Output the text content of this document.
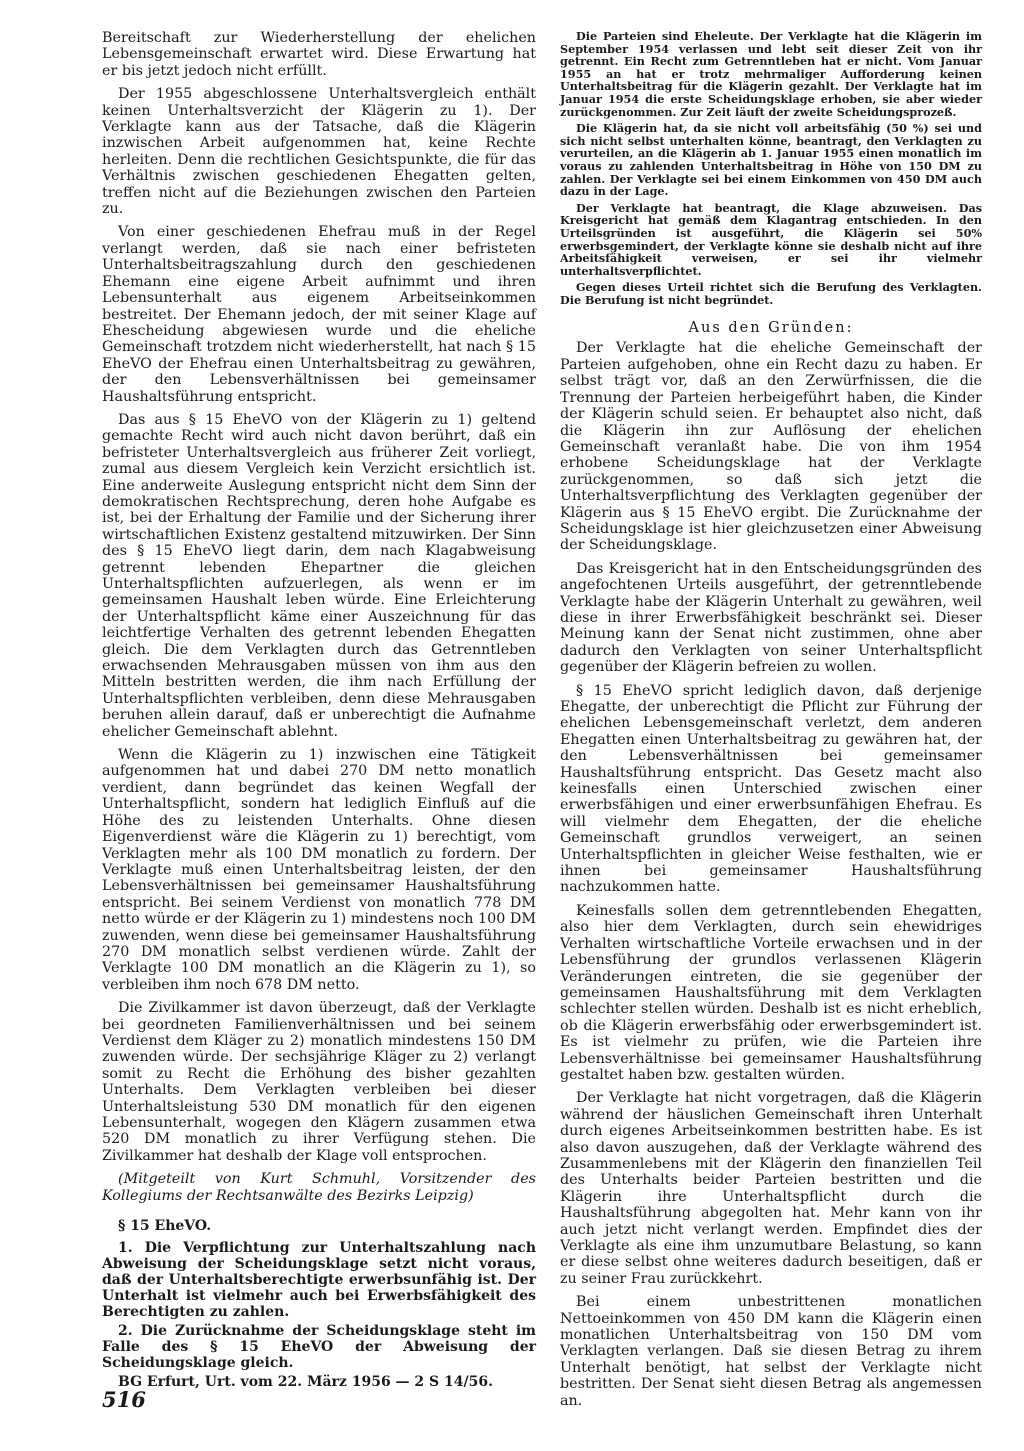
Bereitschaft zur Wiederherstellung der ehelichen Lebensgemeinschaft erwartet wird. Diese Erwartung hat er bis jetzt jedoch nicht erfüllt.

Der 1955 abgeschlossene Unterhaltsvergleich enthält keinen Unterhaltsverzicht der Klägerin zu 1). Der Verklagte kann aus der Tatsache, daß die Klägerin inzwischen Arbeit aufgenommen hat, keine Rechte herleiten. Denn die rechtlichen Gesichtspunkte, die für das Verhältnis zwischen geschiedenen Ehegatten gelten, treffen nicht auf die Beziehungen zwischen den Parteien zu.

Von einer geschiedenen Ehefrau muß in der Regel verlangt werden, daß sie nach einer befristeten Unterhaltsbeitragszahlung durch den geschiedenen Ehemann eine eigene Arbeit aufnimmt und ihren Lebensunterhalt aus eigenem Arbeitseinkommen bestreitet. Der Ehemann jedoch, der mit seiner Klage auf Ehescheidung abgewiesen wurde und die eheliche Gemeinschaft trotzdem nicht wiederherstellt, hat nach § 15 EheVO der Ehefrau einen Unterhaltsbeitrag zu gewähren, der den Lebensverhältnissen bei gemeinsamer Haushaltsführung entspricht.

Das aus § 15 EheVO von der Klägerin zu 1) geltend gemachte Recht wird auch nicht davon berührt, daß ein befristeter Unterhaltsvergleich aus früherer Zeit vorliegt, zumal aus diesem Vergleich kein Verzicht ersichtlich ist. Eine anderweite Auslegung entspricht nicht dem Sinn der demokratischen Rechtsprechung, deren hohe Aufgabe es ist, bei der Erhaltung der Familie und der Sicherung ihrer wirtschaftlichen Existenz gestaltend mitzuwirken. Der Sinn des § 15 EheVO liegt darin, dem nach Klagabweisung getrennt lebenden Ehepartner die gleichen Unterhaltspflichten aufzuerlegen, als wenn er im gemeinsamen Haushalt leben würde. Eine Erleichterung der Unterhaltspflicht käme einer Auszeichnung für das leichtfertige Verhalten des getrennt lebenden Ehegatten gleich. Die dem Verklagten durch das Getrenntleben erwachsenden Mehrausgaben müssen von ihm aus den Mitteln bestritten werden, die ihm nach Erfüllung der Unterhaltspflichten verbleiben, denn diese Mehrausgaben beruhen allein darauf, daß er unberechtigt die Aufnahme ehelicher Gemeinschaft ablehnt.

Wenn die Klägerin zu 1) inzwischen eine Tätigkeit aufgenommen hat und dabei 270 DM netto monatlich verdient, dann begründet das keinen Wegfall der Unterhaltspflicht, sondern hat lediglich Einfluß auf die Höhe des zu leistenden Unterhalts. Ohne diesen Eigenverdienst wäre die Klägerin zu 1) berechtigt, vom Verklagten mehr als 100 DM monatlich zu fordern. Der Verklagte muß einen Unterhaltsbeitrag leisten, der den Lebensverhältnissen bei gemeinsamer Haushaltsführung entspricht. Bei seinem Verdienst von monatlich 778 DM netto würde er der Klägerin zu 1) mindestens noch 100 DM zuwenden, wenn diese bei gemeinsamer Haushaltsführung 270 DM monatlich selbst verdienen würde. Zahlt der Verklagte 100 DM monatlich an die Klägerin zu 1), so verbleiben ihm noch 678 DM netto.

Die Zivilkammer ist davon überzeugt, daß der Verklagte bei geordneten Familienverhältnissen und bei seinem Verdienst dem Kläger zu 2) monatlich mindestens 150 DM zuwenden würde. Der sechsjährige Kläger zu 2) verlangt somit zu Recht die Erhöhung des bisher gezahlten Unterhalts. Dem Verklagten verbleiben bei dieser Unterhaltsleistung 530 DM monatlich für den eigenen Lebensunterhalt, wogegen den Klägern zusammen etwa 520 DM monatlich zu ihrer Verfügung stehen. Die Zivilkammer hat deshalb der Klage voll entsprochen.

(Mitgeteilt von Kurt Schmuhl, Vorsitzender des Kollegiums der Rechtsanwälte des Bezirks Leipzig)

§ 15 EheVO.

1. Die Verpflichtung zur Unterhaltszahlung nach Abweisung der Scheidungsklage setzt nicht voraus, daß der Unterhaltsberechtigte erwerbsunfähig ist. Der Unterhalt ist vielmehr auch bei Erwerbsfähigkeit des Berechtigten zu zahlen.

2. Die Zurücknahme der Scheidungsklage steht im Falle des § 15 EheVO der Abweisung der Scheidungsklage gleich.

BG Erfurt, Urt. vom 22. März 1956 — 2 S 14/56.

Die Parteien sind Eheleute. Der Verklagte hat die Klägerin im September 1954 verlassen und lebt seit dieser Zeit von ihr getrennt. Ein Recht zum Getrenntleben hat er nicht. Vom Januar 1955 an hat er trotz mehrmaliger Aufforderung keinen Unterhaltsbeitrag für die Klägerin gezahlt. Der Verklagte hat im Januar 1954 die erste Scheidungsklage erhoben, sie aber wieder zurückgenommen. Zur Zeit läuft der zweite Scheidungsprozeß.

Die Klägerin hat, da sie nicht voll arbeitsfähig (50 %) sei und sich nicht selbst unterhalten könne, beantragt, den Verklagten zu verurteilen, an die Klägerin ab 1. Januar 1955 einen monatlich im voraus zu zahlenden Unterhaltsbeitrag in Höhe von 150 DM zu zahlen. Der Verklagte sei bei einem Einkommen von 450 DM auch dazu in der Lage.

Der Verklagte hat beantragt, die Klage abzuweisen. Das Kreisgericht hat gemäß dem Klagantrag entschieden. In den Urteilsgründen ist ausgeführt, die Klägerin sei 50% erwerbsgemindert, der Verklagte könne sie deshalb nicht auf ihre Arbeitsfähigkeit verweisen, er sei ihr vielmehr unterhaltsverpflichtet.

Gegen dieses Urteil richtet sich die Berufung des Verklagten. Die Berufung ist nicht begründet.

Aus den Gründen:

Der Verklagte hat die eheliche Gemeinschaft der Parteien aufgehoben, ohne ein Recht dazu zu haben. Er selbst trägt vor, daß an den Zerwürfnissen, die die Trennung der Parteien herbeigeführt haben, die Kinder der Klägerin schuld seien. Er behauptet also nicht, daß die Klägerin ihn zur Auflösung der ehelichen Gemeinschaft veranlaßt habe. Die von ihm 1954 erhobene Scheidungsklage hat der Verklagte zurückgenommen, so daß sich jetzt die Unterhaltsverpflichtung des Verklagten gegenüber der Klägerin aus § 15 EheVO ergibt. Die Zurücknahme der Scheidungsklage ist hier gleichzusetzen einer Abweisung der Scheidungsklage.

Das Kreisgericht hat in den Entscheidungsgründen des angefochtenen Urteils ausgeführt, der getrenntlebende Verklagte habe der Klägerin Unterhalt zu gewähren, weil diese in ihrer Erwerbsfähigkeit beschränkt sei. Dieser Meinung kann der Senat nicht zustimmen, ohne aber dadurch den Verklagten von seiner Unterhaltspflicht gegenüber der Klägerin befreien zu wollen.

§ 15 EheVO spricht lediglich davon, daß derjenige Ehegatte, der unberechtigt die Pflicht zur Führung der ehelichen Lebensgemeinschaft verletzt, dem anderen Ehegatten einen Unterhaltsbeitrag zu gewähren hat, der den Lebensverhältnissen bei gemeinsamer Haushaltsführung entspricht. Das Gesetz macht also keinesfalls einen Unterschied zwischen einer erwerbsfähigen und einer erwerbsunfähigen Ehefrau. Es will vielmehr dem Ehegatten, der die eheliche Gemeinschaft grundlos verweigert, an seinen Unterhaltspflichten in gleicher Weise festhalten, wie er ihnen bei gemeinsamer Haushaltsführung nachzukommen hatte.

Keinesfalls sollen dem getrenntlebenden Ehegatten, also hier dem Verklagten, durch sein ehewidriges Verhalten wirtschaftliche Vorteile erwachsen und in der Lebensführung der grundlos verlassenen Klägerin Veränderungen eintreten, die sie gegenüber der gemeinsamen Haushaltsführung mit dem Verklagten schlechter stellen würden. Deshalb ist es nicht erheblich, ob die Klägerin erwerbsfähig oder erwerbsgemindert ist. Es ist vielmehr zu prüfen, wie die Parteien ihre Lebensverhältnisse bei gemeinsamer Haushaltsführung gestaltet haben bzw. gestalten würden.

Der Verklagte hat nicht vorgetragen, daß die Klägerin während der häuslichen Gemeinschaft ihren Unterhalt durch eigenes Arbeitseinkommen bestritten habe. Es ist also davon auszugehen, daß der Verklagte während des Zusammenlebens mit der Klägerin den finanziellen Teil des Unterhalts beider Parteien bestritten und die Klägerin ihre Unterhaltspflicht durch die Haushaltsführung abgegolten hat. Mehr kann von ihr auch jetzt nicht verlangt werden. Empfindet dies der Verklagte als eine ihm unzumutbare Belastung, so kann er diese selbst ohne weiteres dadurch beseitigen, daß er zu seiner Frau zurückkehrt.

Bei einem unbestrittenen monatlichen Nettoeinkommen von 450 DM kann die Klägerin einen monatlichen Unterhaltsbeitrag von 150 DM vom Verklagten verlangen. Daß sie diesen Betrag zu ihrem Unterhalt benötigt, hat selbst der Verklagte nicht bestritten. Der Senat sieht diesen Betrag als angemessen an.

516
